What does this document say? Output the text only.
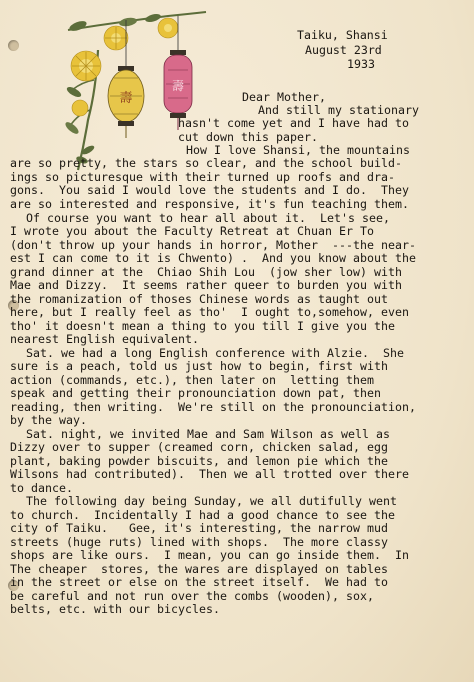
壽
壽
Taiku, Shansi
August 23rd
1933
Dear Mother,
And still my stationary
hasn't come yet and I have had to
cut down this paper.
How I love Shansi, the mountains
are so pretty, the stars so clear, and the school build-
ings so picturesque with their turned up roofs and dra-
gons.  You said I would love the students and I do.  They
are so interested and responsive, it's fun teaching them.
Of course you want to hear all about it.  Let's see,
I wrote you about the Faculty Retreat at Chuan Er To
(don't throw up your hands in horror, Mother  ---the near-
est I can come to it is Chwento) .  And you know about the
grand dinner at the  Chiao Shih Lou  (jow sher low) with
Mae and Dizzy.  It seems rather queer to burden you with
the romanization of thoses Chinese words as taught out
here, but I really feel as tho'  I ought to,somehow, even
tho' it doesn't mean a thing to you till I give you the
nearest English equivalent.
Sat. we had a long English conference with Alzie.  She
sure is a peach, told us just how to begin, first with
action (commands, etc.), then later on  letting them
speak and getting their pronounciation down pat, then
reading, then writing.  We're still on the pronounciation,
by the way.
Sat. night, we invited Mae and Sam Wilson as well as
Dizzy over to supper (creamed corn, chicken salad, egg
plant, baking powder biscuits, and lemon pie which the
Wilsons had contributed).  Then we all trotted over there
to dance.
The following day being Sunday, we all dutifully went
to church.  Incidentally I had a good chance to see the
city of Taiku.   Gee, it's interesting, the narrow mud
streets (huge ruts) lined with shops.  The more classy
shops are like ours.  I mean, you can go inside them.  In
The cheaper  stores, the wares are displayed on tables
in the street or else on the street itself.  We had to
be careful and not run over the combs (wooden), sox,
belts, etc. with our bicycles.
